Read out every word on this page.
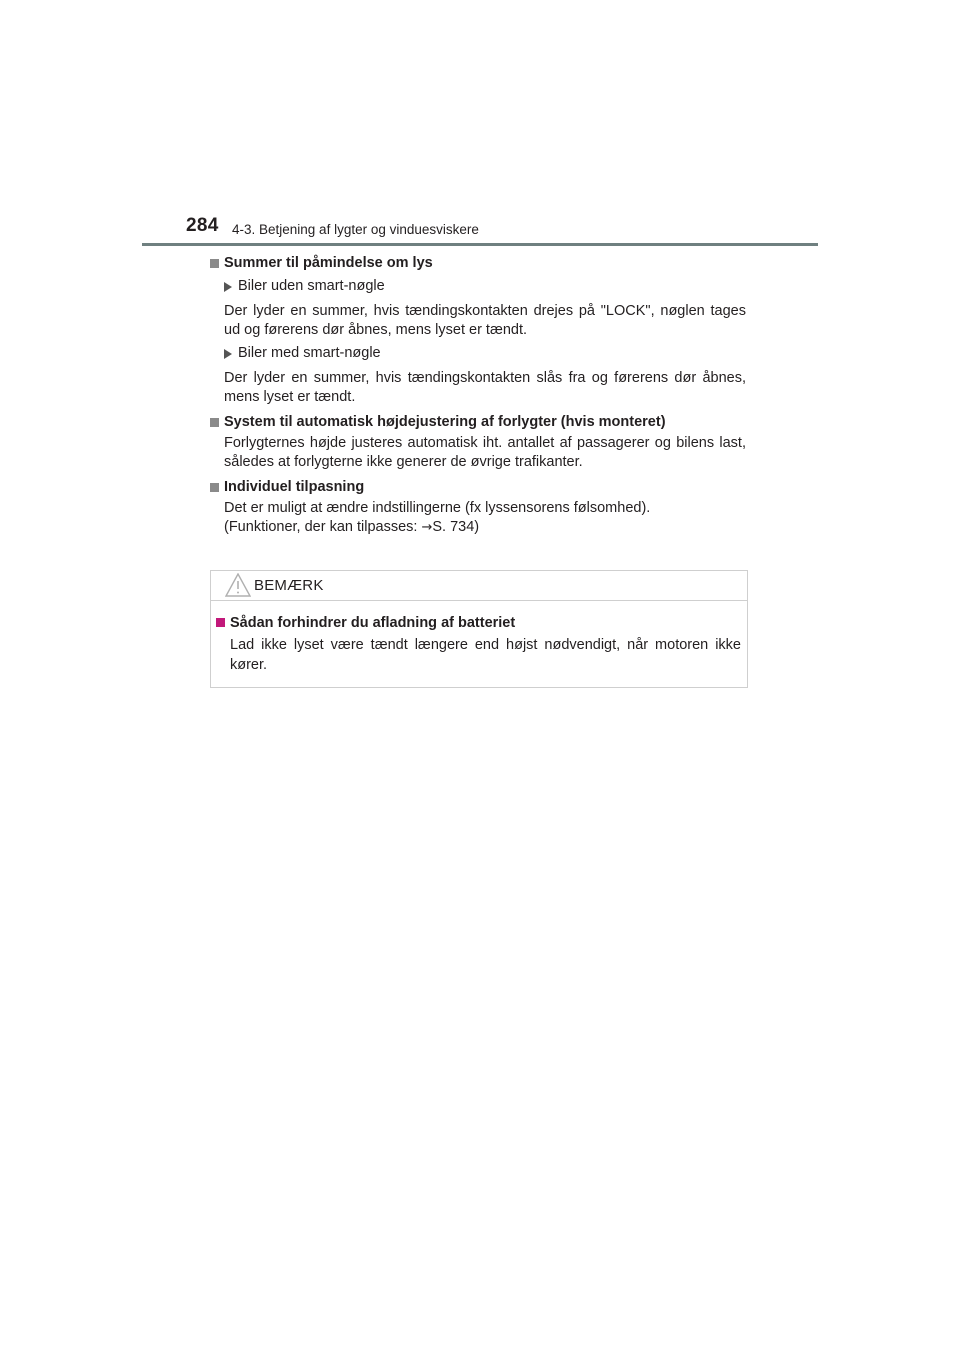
284 4-3. Betjening af lygter og vinduesviskere

Summer til påmindelse om lys

Biler uden smart-nøgle

Der lyder en summer, hvis tændingskontakten drejes på "LOCK", nøglen tages ud og førerens dør åbnes, mens lyset er tændt.

Biler med smart-nøgle

Der lyder en summer, hvis tændingskontakten slås fra og førerens dør åbnes, mens lyset er tændt.

System til automatisk højdejustering af forlygter (hvis monteret)

Forlygternes højde justeres automatisk iht. antallet af passagerer og bilens last, således at forlygterne ikke generer de øvrige trafikanter.

Individuel tilpasning

Det er muligt at ændre indstillingerne (fx lyssensorens følsomhed).
(Funktioner, der kan tilpasses: →S. 734)

BEMÆRK

Sådan forhindrer du afladning af batteriet

Lad ikke lyset være tændt længere end højst nødvendigt, når motoren ikke kører.
